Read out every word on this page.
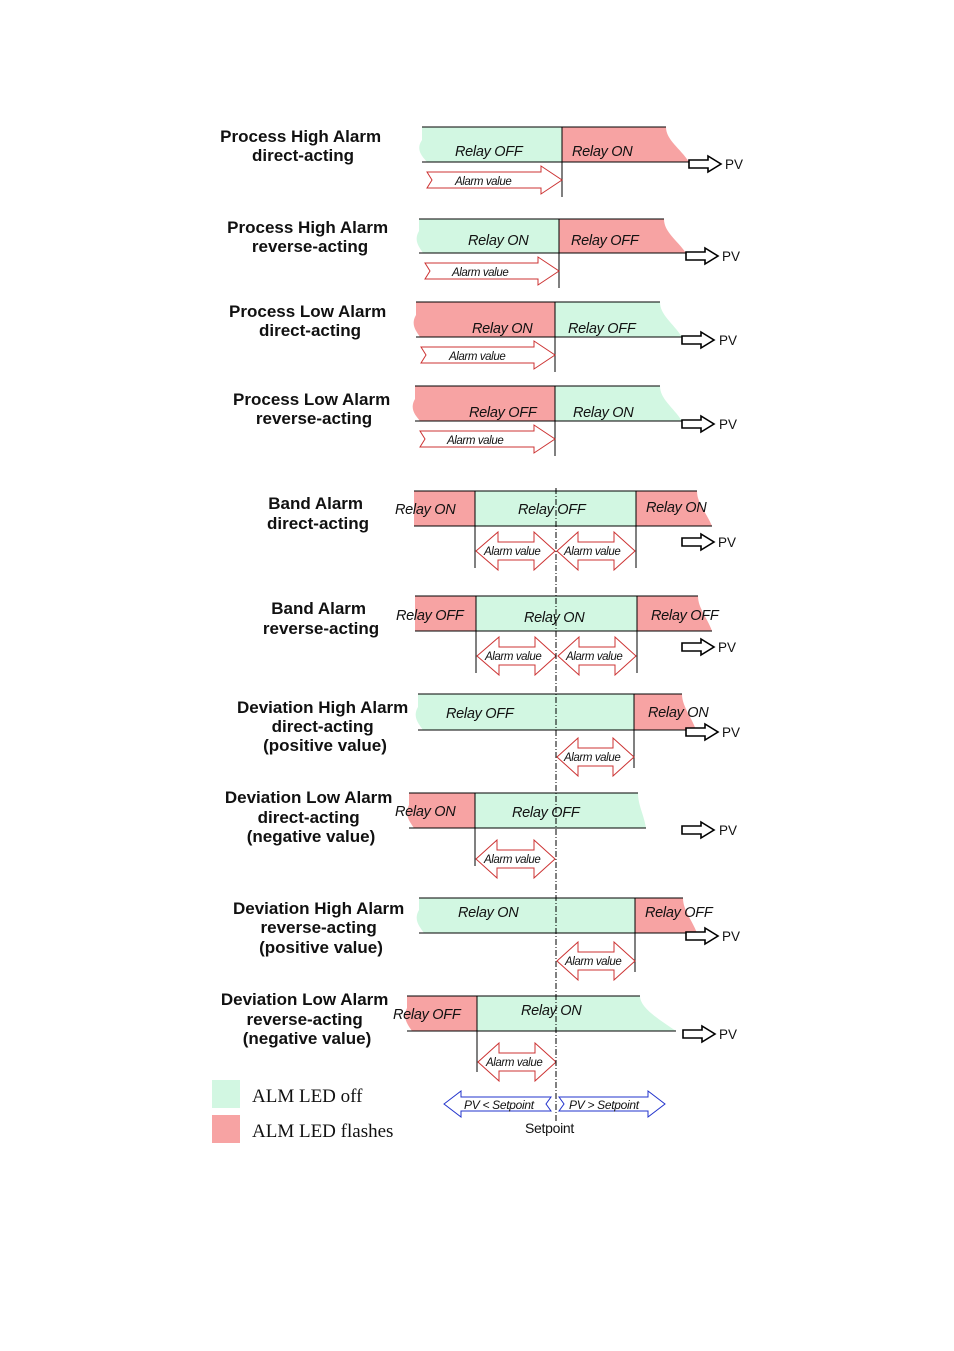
Process High Alarm direct-acting	Relay OFF	Relay ON
Alarm value
PV
Process High Alarm reverse-acting	Relay ON	Relay OFF
Alarm value
PV
Process Low Alarm direct-acting	Relay ON Relay OFF
Alarm value
PV
Process Low Alarm reverse-acting	Relay OFF	Relay ON
Alarm value
PV
Band Alarm direct-acting
Relay ON	Relay OFF	Relay ON
Alarm value Alarm value
PV
Band Alarm reverse-acting
Relay OFF	Relay ON	Relay OFF
Alarm value Alarm value
PV
Deviation High Alarm direct-acting (positive value)
Relay OFF	Relay ON
Alarm value
PV
Deviation Low Alarm direct-acting (negative value)
Relay ON	Relay OFF
Alarm value
PV
Deviation High Alarm reverse-acting (positive value)
Relay ON	Relay OFF
Alarm value
PV
Deviation Low Alarm reverse-acting (negative value)
Relay OFF	Relay ON
Alarm value
PV
ALM LED off
ALM LED flashes
PV < Setpoint	PV > Setpoint
Setpoint
